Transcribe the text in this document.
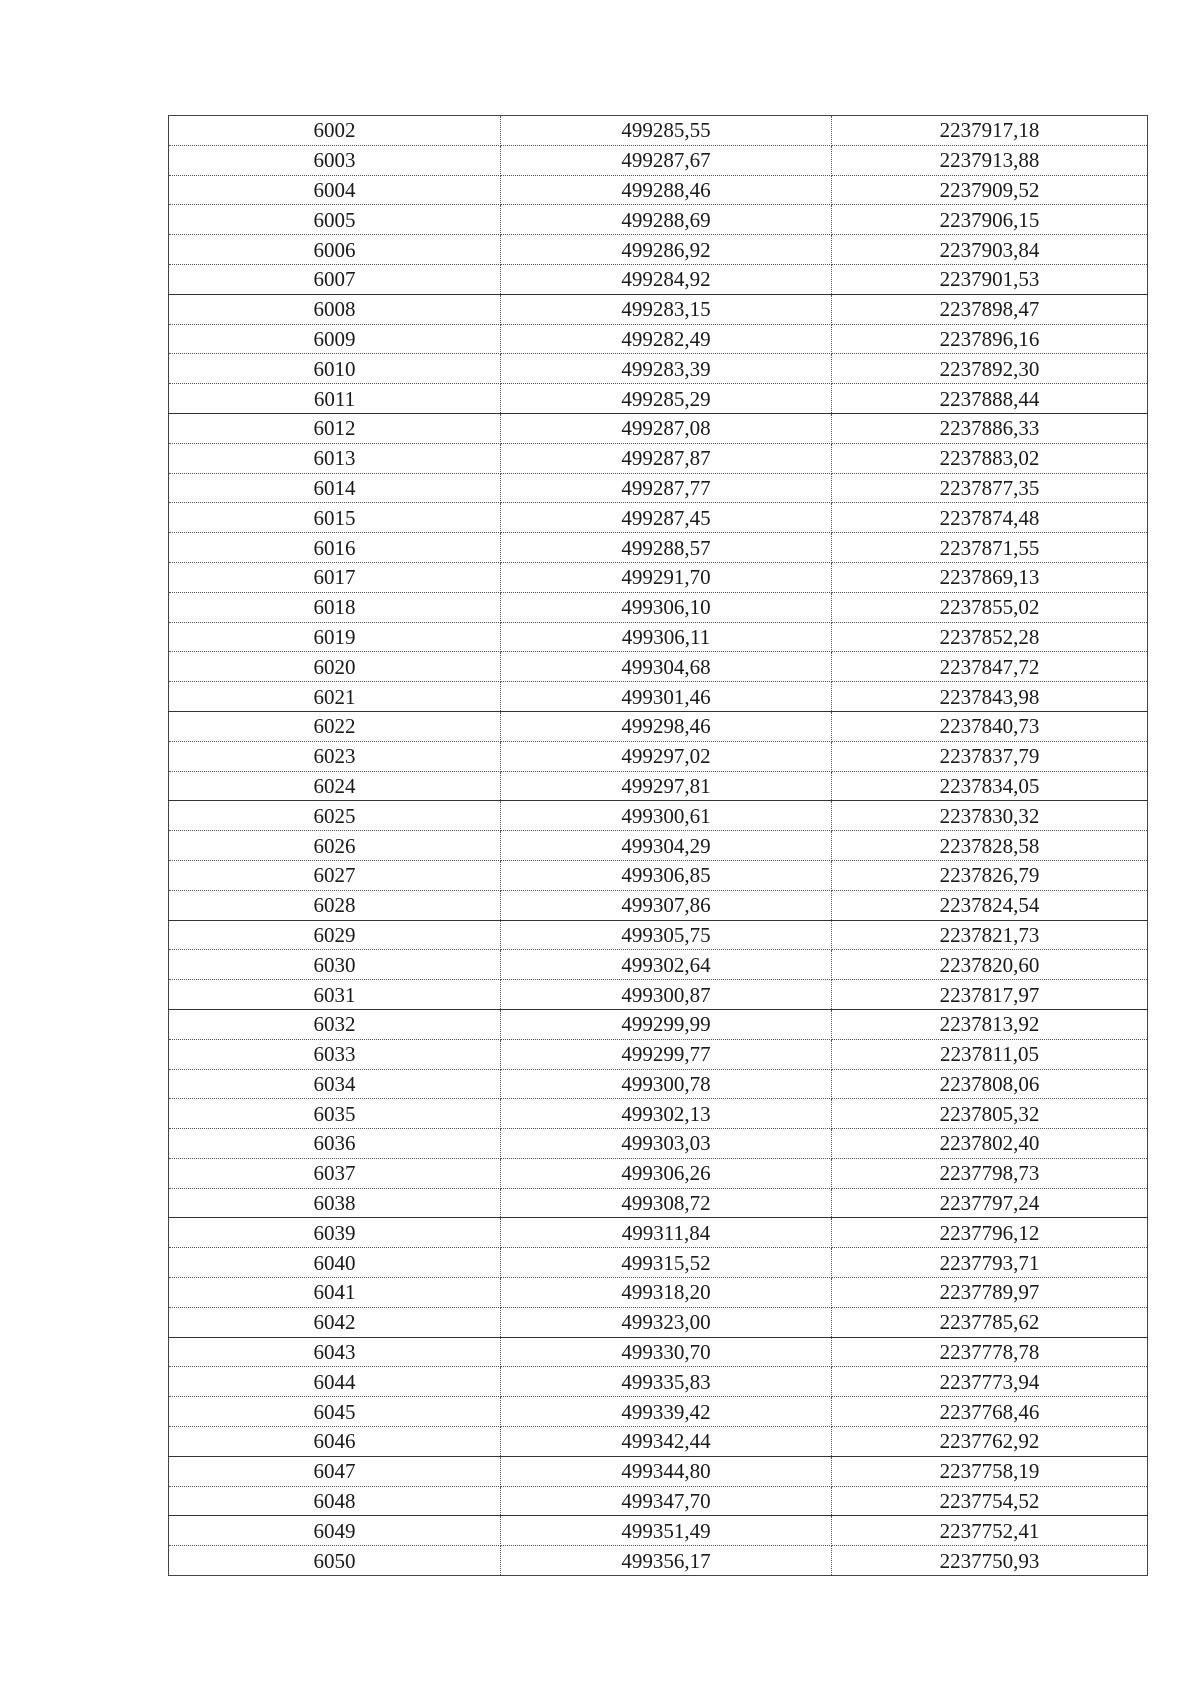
6002	499285,55	2237917,18
6003	499287,67	2237913,88
6004	499288,46	2237909,52
6005	499288,69	2237906,15
6006	499286,92	2237903,84
6007	499284,92	2237901,53
6008	499283,15	2237898,47
6009	499282,49	2237896,16
6010	499283,39	2237892,30
6011	499285,29	2237888,44
6012	499287,08	2237886,33
6013	499287,87	2237883,02
6014	499287,77	2237877,35
6015	499287,45	2237874,48
6016	499288,57	2237871,55
6017	499291,70	2237869,13
6018	499306,10	2237855,02
6019	499306,11	2237852,28
6020	499304,68	2237847,72
6021	499301,46	2237843,98
6022	499298,46	2237840,73
6023	499297,02	2237837,79
6024	499297,81	2237834,05
6025	499300,61	2237830,32
6026	499304,29	2237828,58
6027	499306,85	2237826,79
6028	499307,86	2237824,54
6029	499305,75	2237821,73
6030	499302,64	2237820,60
6031	499300,87	2237817,97
6032	499299,99	2237813,92
6033	499299,77	2237811,05
6034	499300,78	2237808,06
6035	499302,13	2237805,32
6036	499303,03	2237802,40
6037	499306,26	2237798,73
6038	499308,72	2237797,24
6039	499311,84	2237796,12
6040	499315,52	2237793,71
6041	499318,20	2237789,97
6042	499323,00	2237785,62
6043	499330,70	2237778,78
6044	499335,83	2237773,94
6045	499339,42	2237768,46
6046	499342,44	2237762,92
6047	499344,80	2237758,19
6048	499347,70	2237754,52
6049	499351,49	2237752,41
6050	499356,17	2237750,93
